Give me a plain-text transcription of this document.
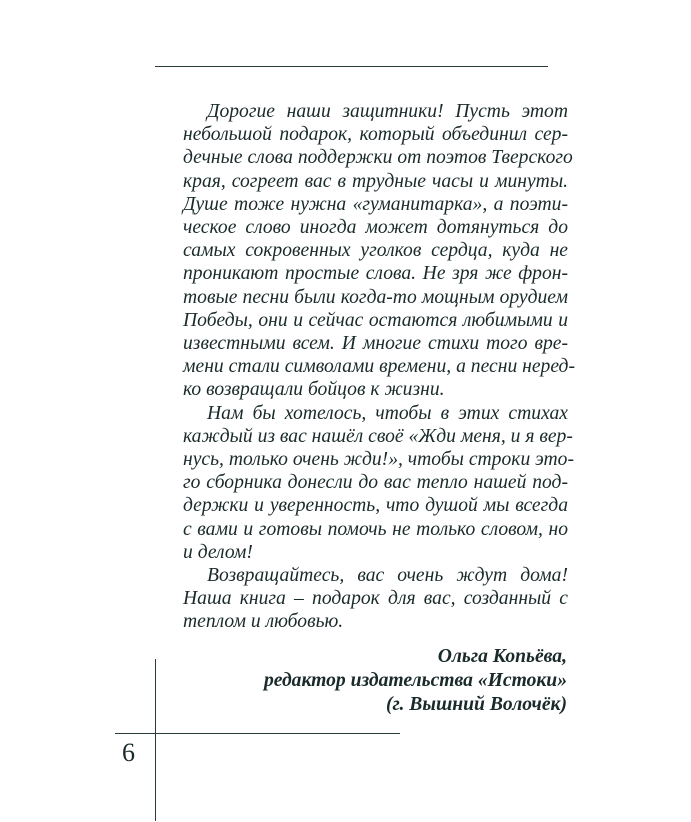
Дорогие наши защитники! Пусть этот
небольшой подарок, который объединил сер-
дечные слова поддержки от поэтов Тверского
края, согреет вас в трудные часы и минуты.
Душе тоже нужна «гуманитарка», а поэти-
ческое слово иногда может дотянуться до
самых сокровенных уголков сердца, куда не
проникают простые слова. Не зря же фрон-
товые песни были когда-то мощным орудием
Победы, они и сейчас остаются любимыми и
известными всем. И многие стихи того вре-
мени стали символами времени, а песни неред-
ко возвращали бойцов к жизни.
Нам бы хотелось, чтобы в этих стихах
каждый из вас нашёл своё «Жди меня, и я вер-
нусь, только очень жди!», чтобы строки это-
го сборника донесли до вас тепло нашей под-
держки и уверенность, что душой мы всегда
с вами и готовы помочь не только словом, но
и делом!
Возвращайтесь, вас очень ждут дома!
Наша книга – подарок для вас, созданный с
теплом и любовью.
Ольга Копьёва,
редактор издательства «Истоки»
(г. Вышний Волочёк)
6
